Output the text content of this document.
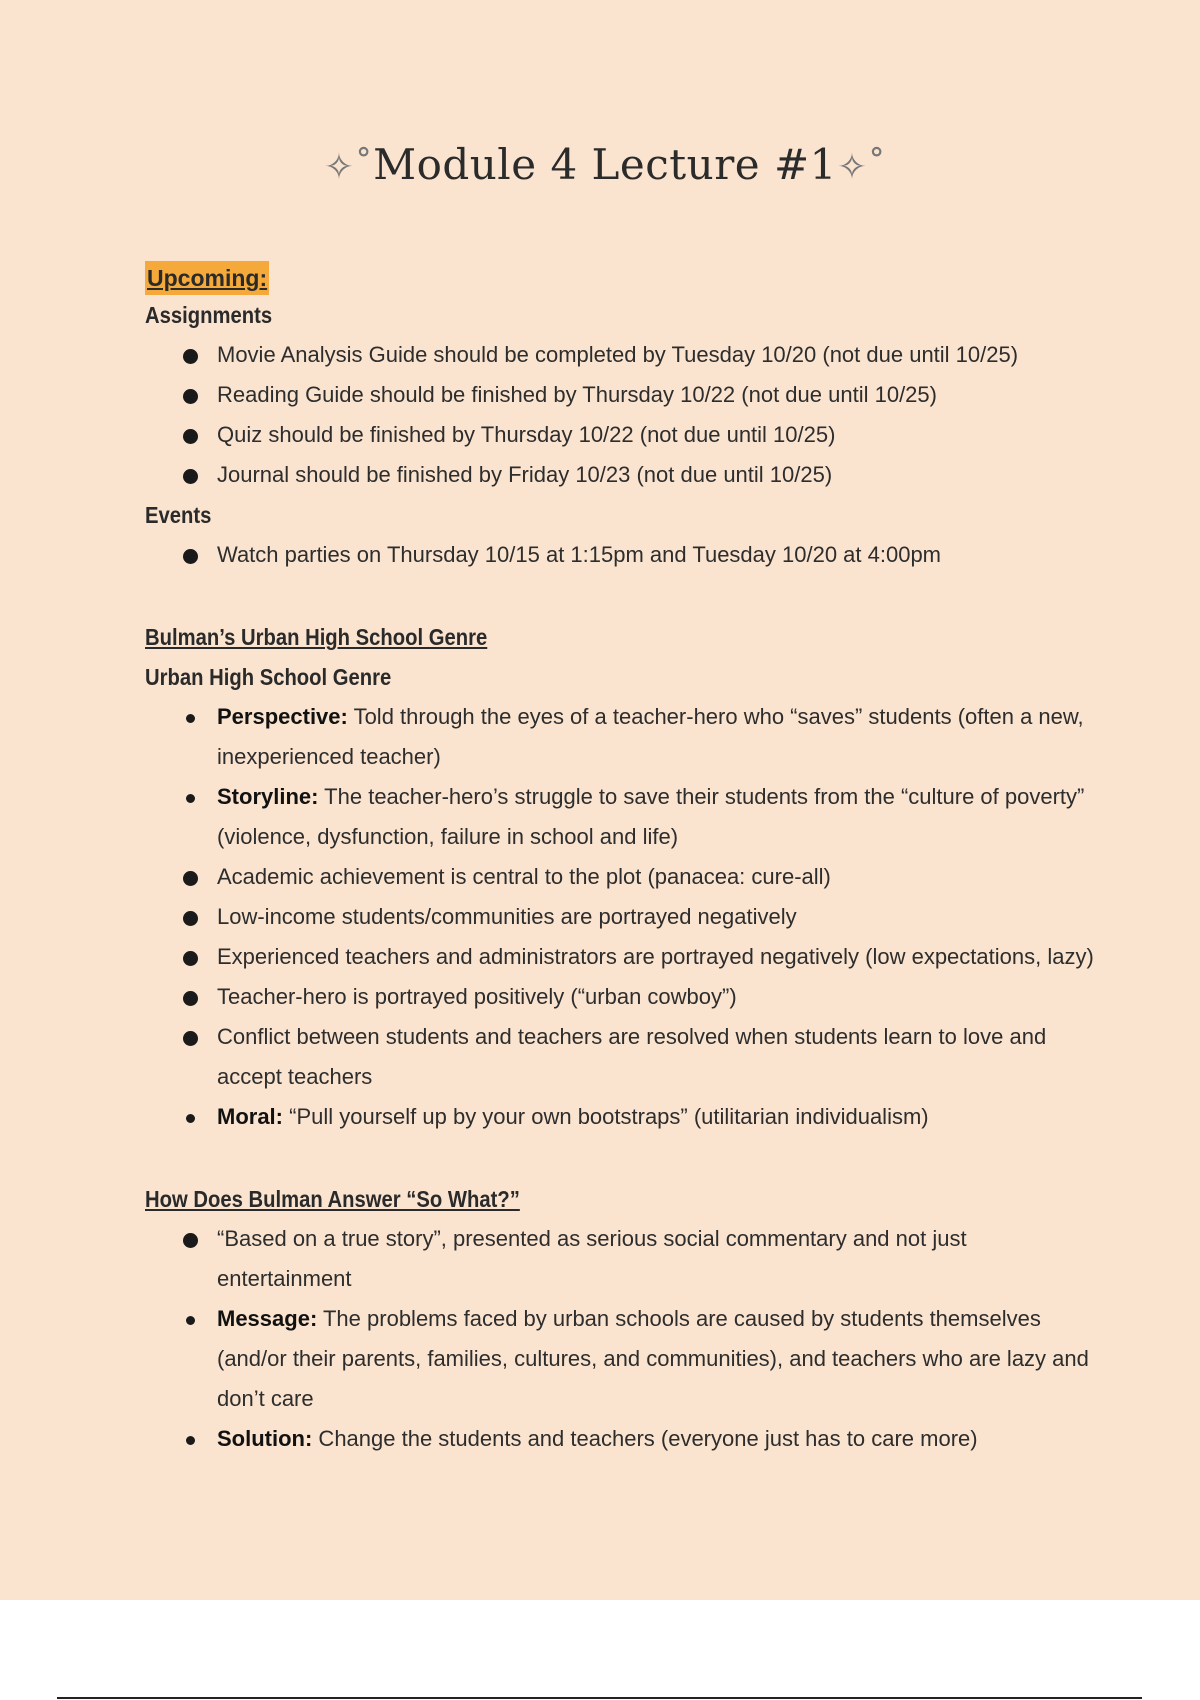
✧˚Module 4 Lecture #1✧˚
Upcoming:
Assignments
Movie Analysis Guide should be completed by Tuesday 10/20 (not due until 10/25)
Reading Guide should be finished by Thursday 10/22 (not due until 10/25)
Quiz should be finished by Thursday 10/22 (not due until 10/25)
Journal should be finished by Friday 10/23 (not due until 10/25)
Events
Watch parties on Thursday 10/15 at 1:15pm and Tuesday 10/20 at 4:00pm
Bulman’s Urban High School Genre
Urban High School Genre
Perspective: Told through the eyes of a teacher-hero who “saves” students (often a new, inexperienced teacher)
Storyline: The teacher-hero’s struggle to save their students from the “culture of poverty” (violence, dysfunction, failure in school and life)
Academic achievement is central to the plot (panacea: cure-all)
Low-income students/communities are portrayed negatively
Experienced teachers and administrators are portrayed negatively (low expectations, lazy)
Teacher-hero is portrayed positively (“urban cowboy”)
Conflict between students and teachers are resolved when students learn to love and accept teachers
Moral: “Pull yourself up by your own bootstraps” (utilitarian individualism)
How Does Bulman Answer “So What?”
“Based on a true story”, presented as serious social commentary and not just entertainment
Message: The problems faced by urban schools are caused by students themselves (and/or their parents, families, cultures, and communities), and teachers who are lazy and don’t care
Solution: Change the students and teachers (everyone just has to care more)
